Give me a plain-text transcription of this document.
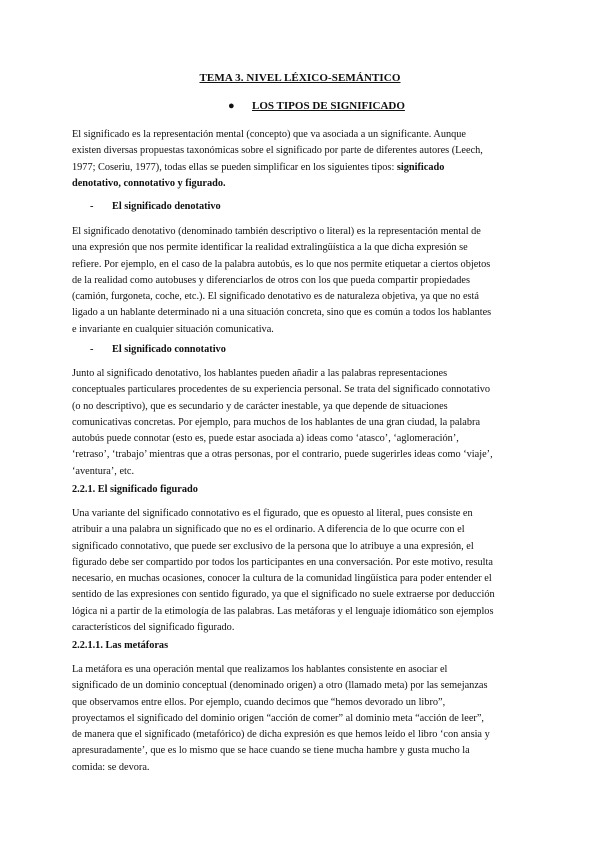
TEMA 3. NIVEL LÉXICO-SEMÁNTICO
● LOS TIPOS DE SIGNIFICADO
El significado es la representación mental (concepto) que va asociada a un significante. Aunque
existen diversas propuestas taxonómicas sobre el significado por parte de diferentes autores (Leech,
1977; Coseriu, 1977), todas ellas se pueden simplificar en los siguientes tipos: significado
denotativo, connotativo y figurado.
- El significado denotativo
El significado denotativo (denominado también descriptivo o literal) es la representación mental de
una expresión que nos permite identificar la realidad extralingüística a la que dicha expresión se
refiere. Por ejemplo, en el caso de la palabra autobús, es lo que nos permite etiquetar a ciertos objetos
de la realidad como autobuses y diferenciarlos de otros con los que pueda compartir propiedades
(camión, furgoneta, coche, etc.). El significado denotativo es de naturaleza objetiva, ya que no está
ligado a un hablante determinado ni a una situación concreta, sino que es común a todos los hablantes
e invariante en cualquier situación comunicativa.
- El significado connotativo
Junto al significado denotativo, los hablantes pueden añadir a las palabras representaciones
conceptuales particulares procedentes de su experiencia personal. Se trata del significado connotativo
(o no descriptivo), que es secundario y de carácter inestable, ya que depende de situaciones
comunicativas concretas. Por ejemplo, para muchos de los hablantes de una gran ciudad, la palabra
autobús puede connotar (esto es, puede estar asociada a) ideas como ‘atasco’, ‘aglomeración’,
‘retraso’, ‘trabajo’ mientras que a otras personas, por el contrario, puede sugerirles ideas como ‘viaje’,
‘aventura’, etc.
2.2.1. El significado figurado
Una variante del significado connotativo es el figurado, que es opuesto al literal, pues consiste en
atribuir a una palabra un significado que no es el ordinario. A diferencia de lo que ocurre con el
significado connotativo, que puede ser exclusivo de la persona que lo atribuye a una expresión, el
figurado debe ser compartido por todos los participantes en una conversación. Por este motivo, resulta
necesario, en muchas ocasiones, conocer la cultura de la comunidad lingüística para poder entender el
sentido de las expresiones con sentido figurado, ya que el significado no suele extraerse por deducción
lógica ni a partir de la etimología de las palabras. Las metáforas y el lenguaje idiomático son ejemplos
característicos del significado figurado.
2.2.1.1. Las metáforas
La metáfora es una operación mental que realizamos los hablantes consistente en asociar el
significado de un dominio conceptual (denominado origen) a otro (llamado meta) por las semejanzas
que observamos entre ellos. Por ejemplo, cuando decimos que “hemos devorado un libro”,
proyectamos el significado del dominio origen “acción de comer” al dominio meta “acción de leer”,
de manera que el significado (metafórico) de dicha expresión es que hemos leído el libro ‘con ansia y
apresuradamente’, que es lo mismo que se hace cuando se tiene mucha hambre y gusta mucho la
comida: se devora.
